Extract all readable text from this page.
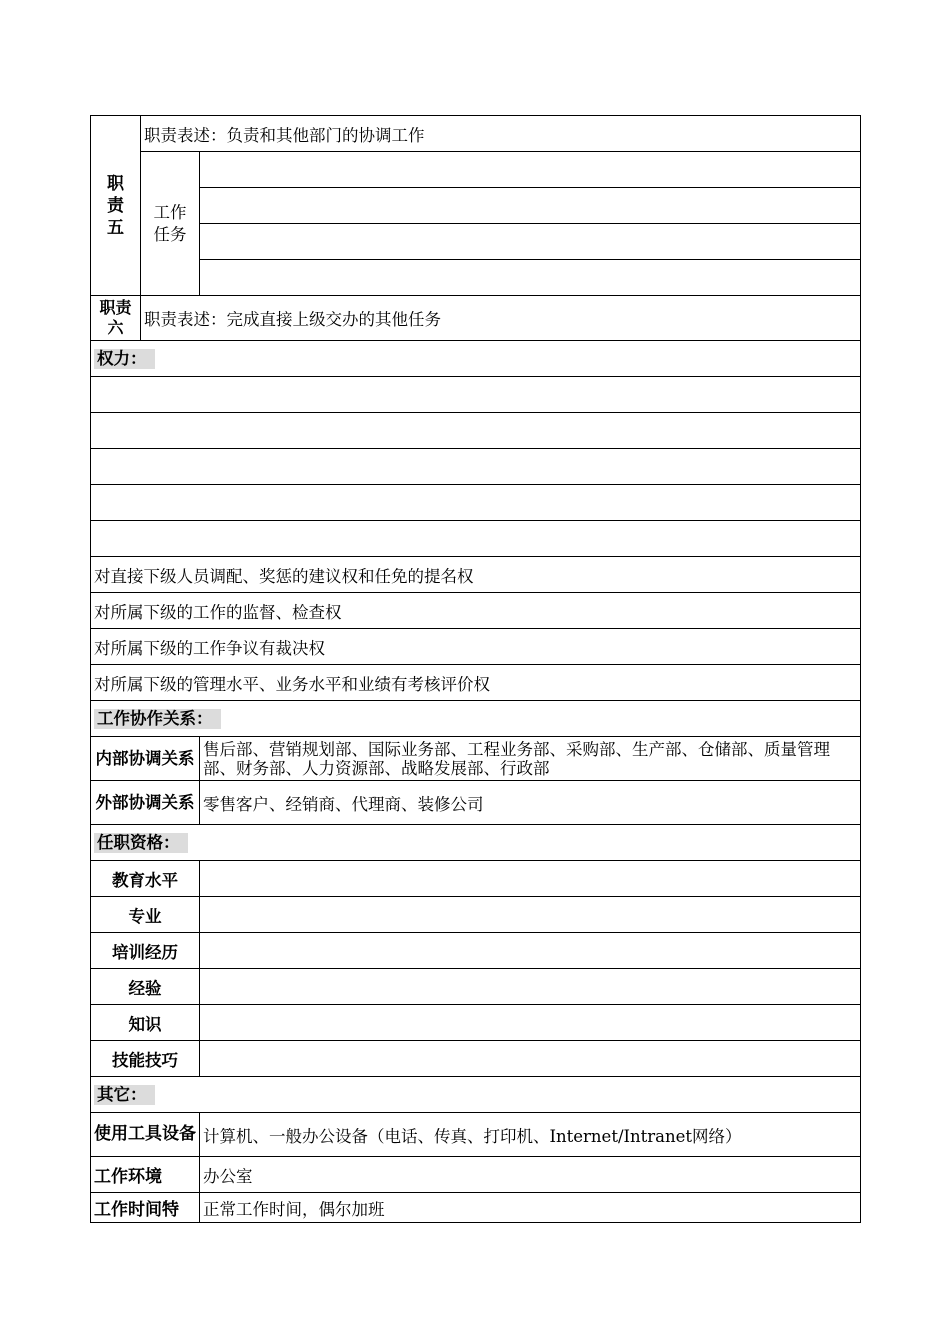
职责五	职责表述：负责和其他部门的协调工作	

	工作任务	

职责六	职责表述：完成直接上级交办的其他任务	
权力：		

对直接下级人员调配、奖惩的建议权和任免的提名权		
对所属下级的工作的监督、检查权		
对所属下级的工作争议有裁决权		
对所属下级的管理水平、业务水平和业绩有考核评价权		
工作协作关系：		
内部协调关系		售后部、营销规划部、国际业务部、工程业务部、采购部、生产部、仓储部、质量管理部、财务部、人力资源部、战略发展部、行政部
外部协调关系		零售客户、经销商、代理商、装修公司
任职资格：		
教育水平		
专业		
培训经历		
经验		
知识		
技能技巧		
其它：		
使用工具设备		计算机、一般办公设备（电话、传真、打印机、Internet/Intranet网络）
工作环境		办公室
工作时间特		正常工作时间，偶尔加班
